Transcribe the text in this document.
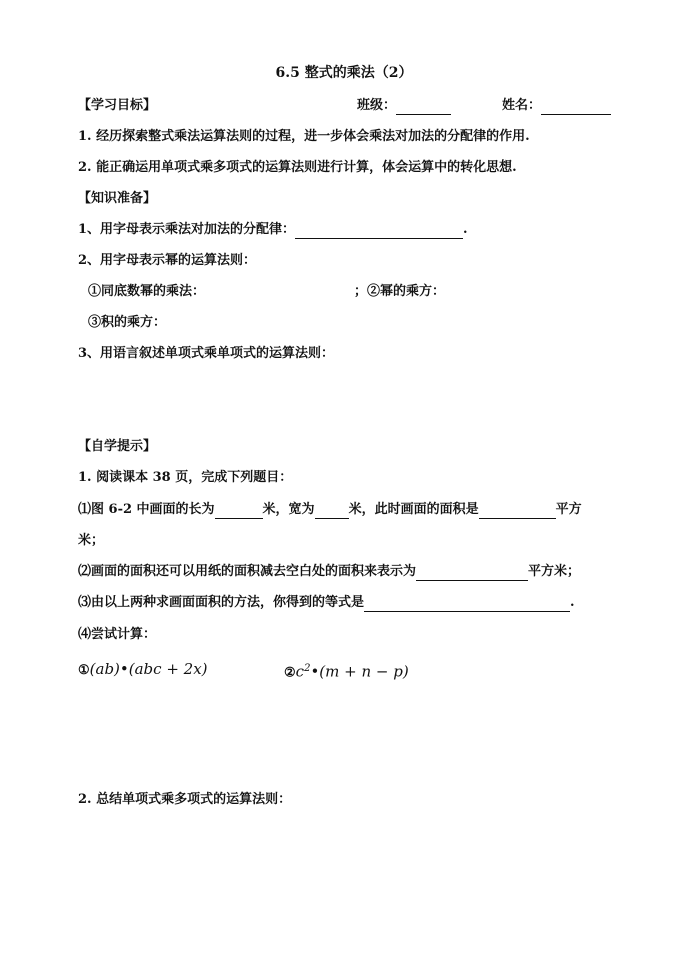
6.5 整式的乘法（2）
【学习目标】	班级：	姓名：
1. 经历探索整式乘法运算法则的过程，进一步体会乘法对加法的分配律的作用.
2. 能正确运用单项式乘多项式的运算法则进行计算，体会运算中的转化思想.
【知识准备】
1、用字母表示乘法对加法的分配律：	.
2、用字母表示幂的运算法则：
①同底数幂的乘法：	；②幂的乘方：
③积的乘方：
3、用语言叙述单项式乘单项式的运算法则：
【自学提示】
1. 阅读课本 38 页，完成下列题目：
⑴图 6-2 中画面的长为	米，宽为	米，此时画面的面积是	平方
米；
⑵画面的面积还可以用纸的面积减去空白处的面积来表示为	平方米；
⑶由以上两种求画面面积的方法，你得到的等式是	.
⑷尝试计算：
①(ab)•(abc + 2x)	$②c^2•(m + n - p)$
2. 总结单项式乘多项式的运算法则：
